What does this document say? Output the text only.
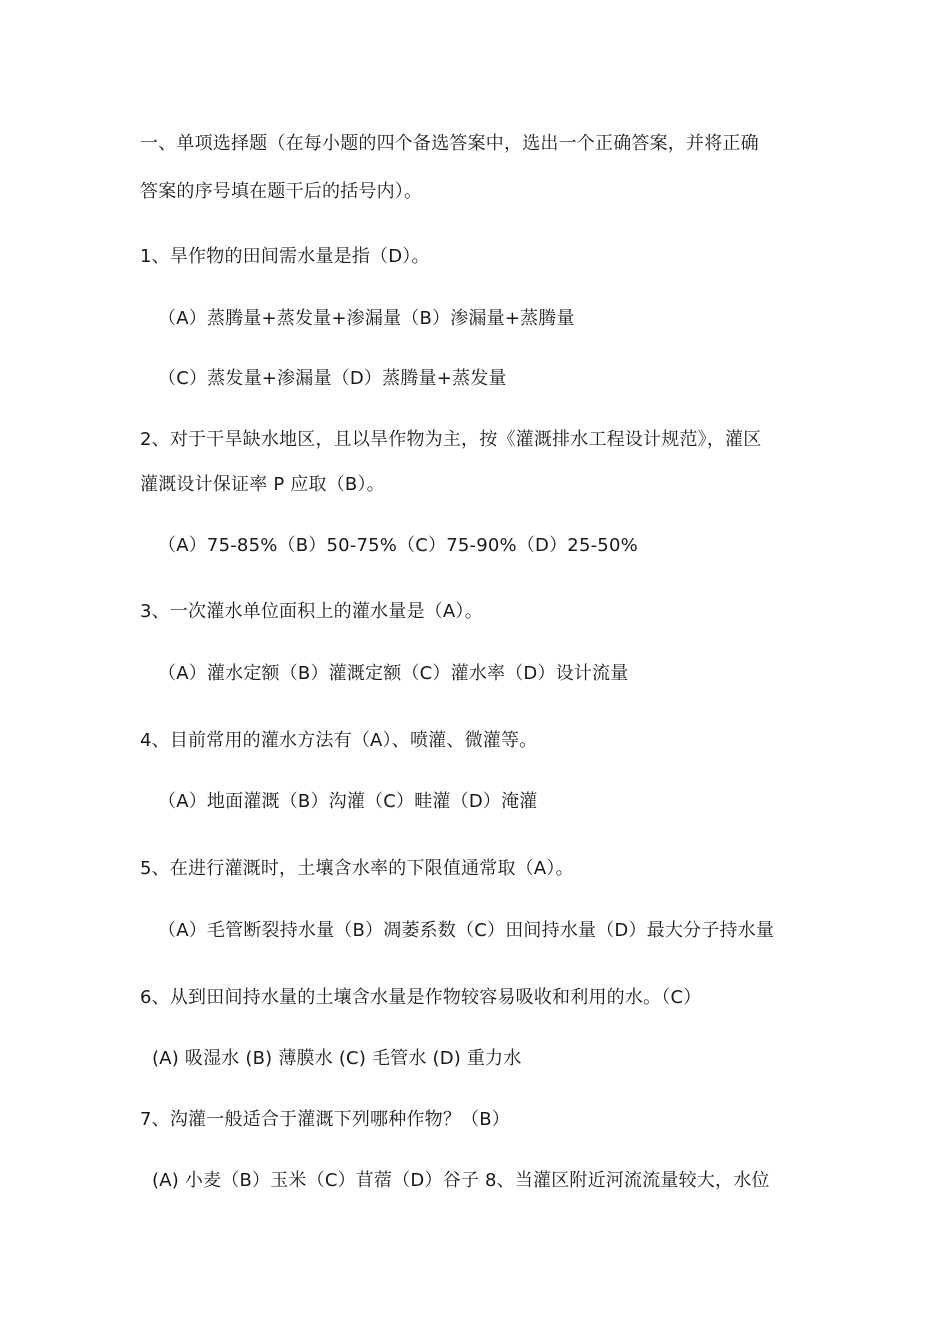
一、单项选择题（在每小题的四个备选答案中，选出一个正确答案，并将正确
答案的序号填在题干后的括号内）。
1、旱作物的田间需水量是指（D）。
（A）蒸腾量+蒸发量+渗漏量（B）渗漏量+蒸腾量
（C）蒸发量+渗漏量（D）蒸腾量+蒸发量
2、对于干旱缺水地区，且以旱作物为主，按《灌溉排水工程设计规范》，灌区
灌溉设计保证率 P 应取（B）。
（A）75-85%（B）50-75%（C）75-90%（D）25-50%
3、一次灌水单位面积上的灌水量是（A）。
（A）灌水定额（B）灌溉定额（C）灌水率（D）设计流量
4、目前常用的灌水方法有（A）、喷灌、微灌等。
（A）地面灌溉（B）沟灌（C）畦灌（D）淹灌
5、在进行灌溉时，土壤含水率的下限值通常取（A）。
（A）毛管断裂持水量（B）凋萎系数（C）田间持水量（D）最大分子持水量
6、从到田间持水量的土壤含水量是作物较容易吸收和利用的水。（C）
(A) 吸湿水 (B) 薄膜水 (C) 毛管水 (D) 重力水
7、沟灌一般适合于灌溉下列哪种作物？（B）
(A) 小麦（B）玉米（C）苜蓿（D）谷子 8、当灌区附近河流流量较大，水位
